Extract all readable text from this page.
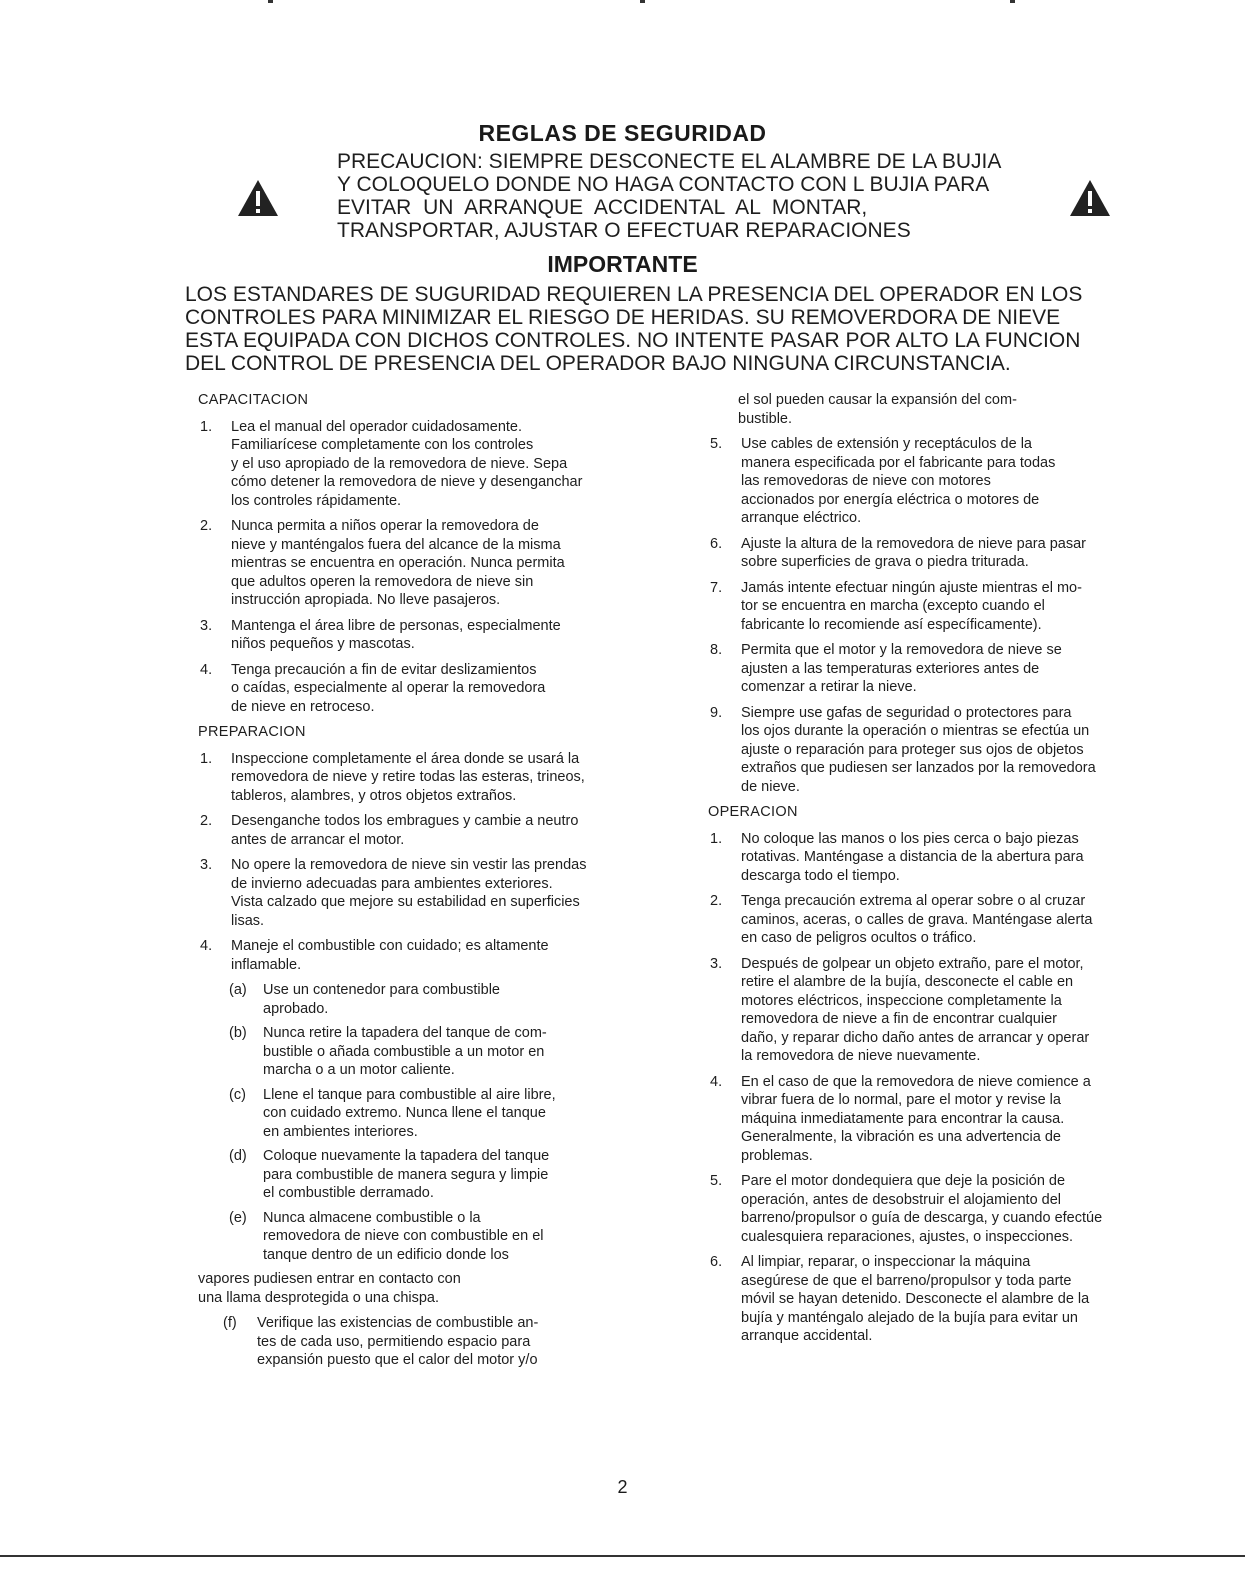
REGLAS DE SEGURIDAD
PRECAUCION: SIEMPRE DESCONECTE EL ALAMBRE DE LA BUJIA
Y COLOQUELO DONDE NO HAGA CONTACTO CON L BUJIA PARA
EVITAR UN ARRANQUE ACCIDENTAL AL MONTAR,
TRANSPORTAR, AJUSTAR O EFECTUAR REPARACIONES
IMPORTANTE
LOS ESTANDARES DE SUGURIDAD REQUIEREN LA PRESENCIA DEL OPERADOR EN LOS
CONTROLES PARA MINIMIZAR EL RIESGO DE HERIDAS. SU REMOVERDORA DE NIEVE
ESTA EQUIPADA CON DICHOS CONTROLES. NO INTENTE PASAR POR ALTO LA FUNCION
DEL CONTROL DE PRESENCIA DEL OPERADOR BAJO NINGUNA CIRCUNSTANCIA.
CAPACITACION
1. Lea el manual del operador cuidadosamente.
Familiarícese completamente con los controles
y el uso apropiado de la removedora de nieve. Sepa
cómo detener la removedora de nieve y desenganchar
los controles rápidamente.
2. Nunca permita a niños operar la removedora de
nieve y manténgalos fuera del alcance de la misma
mientras se encuentra en operación. Nunca permita
que adultos operen la removedora de nieve sin
instrucción apropiada. No lleve pasajeros.
3. Mantenga el área libre de personas, especialmente
niños pequeños y mascotas.
4. Tenga precaución a fin de evitar deslizamientos
o caídas, especialmente al operar la removedora
de nieve en retroceso.
PREPARACION
1. Inspeccione completamente el área donde se usará la
removedora de nieve y retire todas las esteras, trineos,
tableros, alambres, y otros objetos extraños.
2. Desenganche todos los embragues y cambie a neutro
antes de arrancar el motor.
3. No opere la removedora de nieve sin vestir las prendas
de invierno adecuadas para ambientes exteriores.
Vista calzado que mejore su estabilidad en superficies
lisas.
4. Maneje el combustible con cuidado; es altamente
inflamable.
(a) Use un contenedor para combustible
aprobado.
(b) Nunca retire la tapadera del tanque de com-
bustible o añada combustible a un motor en
marcha o a un motor caliente.
(c) Llene el tanque para combustible al aire libre,
con cuidado extremo. Nunca llene el tanque
en ambientes interiores.
(d) Coloque nuevamente la tapadera del tanque
para combustible de manera segura y limpie
el combustible derramado.
(e) Nunca almacene combustible o la
removedora de nieve con combustible en el
tanque dentro de un edificio donde los
vapores pudiesen entrar en contacto con
una llama desprotegida o una chispa.
(f) Verifique las existencias de combustible an-
tes de cada uso, permitiendo espacio para
expansión puesto que el calor del motor y/o
el sol pueden causar la expansión del com-
bustible.
5. Use cables de extensión y receptáculos de la
manera especificada por el fabricante para todas
las removedoras de nieve con motores
accionados por energía eléctrica o motores de
arranque eléctrico.
6. Ajuste la altura de la removedora de nieve para pasar
sobre superficies de grava o piedra triturada.
7. Jamás intente efectuar ningún ajuste mientras el mo-
tor se encuentra en marcha (excepto cuando el
fabricante lo recomiende así específicamente).
8. Permita que el motor y la removedora de nieve se
ajusten a las temperaturas exteriores antes de
comenzar a retirar la nieve.
9. Siempre use gafas de seguridad o protectores para
los ojos durante la operación o mientras se efectúa un
ajuste o reparación para proteger sus ojos de objetos
extraños que pudiesen ser lanzados por la removedora
de nieve.
OPERACION
1. No coloque las manos o los pies cerca o bajo piezas
rotativas. Manténgase a distancia de la abertura para
descarga todo el tiempo.
2. Tenga precaución extrema al operar sobre o al cruzar
caminos, aceras, o calles de grava. Manténgase alerta
en caso de peligros ocultos o tráfico.
3. Después de golpear un objeto extraño, pare el motor,
retire el alambre de la bujía, desconecte el cable en
motores eléctricos, inspeccione completamente la
removedora de nieve a fin de encontrar cualquier
daño, y reparar dicho daño antes de arrancar y operar
la removedora de nieve nuevamente.
4. En el caso de que la removedora de nieve comience a
vibrar fuera de lo normal, pare el motor y revise la
máquina inmediatamente para encontrar la causa.
Generalmente, la vibración es una advertencia de
problemas.
5. Pare el motor dondequiera que deje la posición de
operación, antes de desobstruir el alojamiento del
barreno/propulsor o guía de descarga, y cuando efectúe
cualesquiera reparaciones, ajustes, o inspecciones.
6. Al limpiar, reparar, o inspeccionar la máquina
asegúrese de que el barreno/propulsor y toda parte
móvil se hayan detenido. Desconecte el alambre de la
bujía y manténgalo alejado de la bujía para evitar un
arranque accidental.
2
